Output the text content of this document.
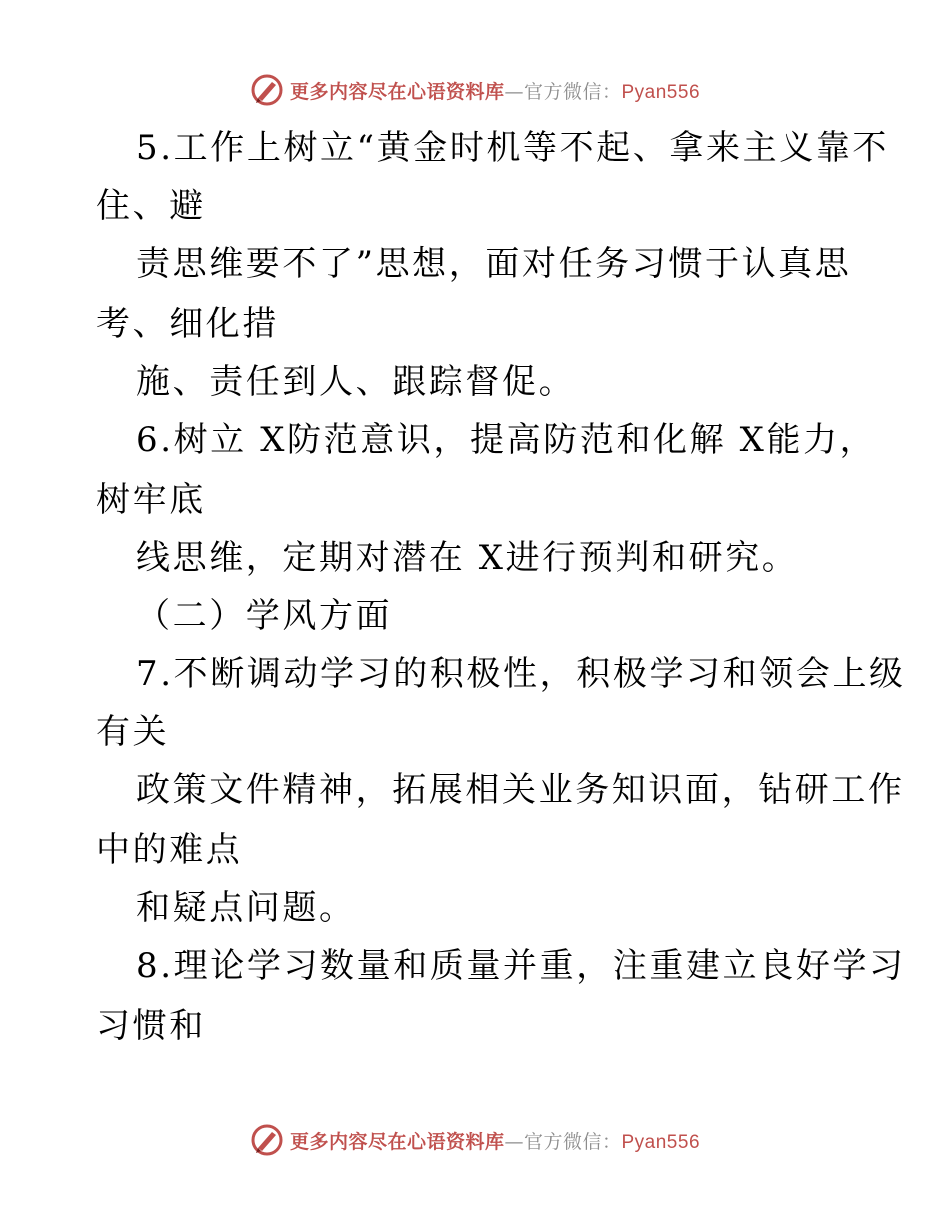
更多内容尽在心语资料库—官方微信：Pyan556
5.工作上树立“黄金时机等不起、拿来主义靠不
住、避
责思维要不了”思想，面对任务习惯于认真思
考、细化措
施、责任到人、跟踪督促。
6.树立 X防范意识，提高防范和化解 X能力，
树牢底
线思维，定期对潜在 X进行预判和研究。
（二）学风方面
7.不断调动学习的积极性，积极学习和领会上级
有关
政策文件精神，拓展相关业务知识面，钻研工作
中的难点
和疑点问题。
8.理论学习数量和质量并重，注重建立良好学习
习惯和
更多内容尽在心语资料库—官方微信：Pyan556
